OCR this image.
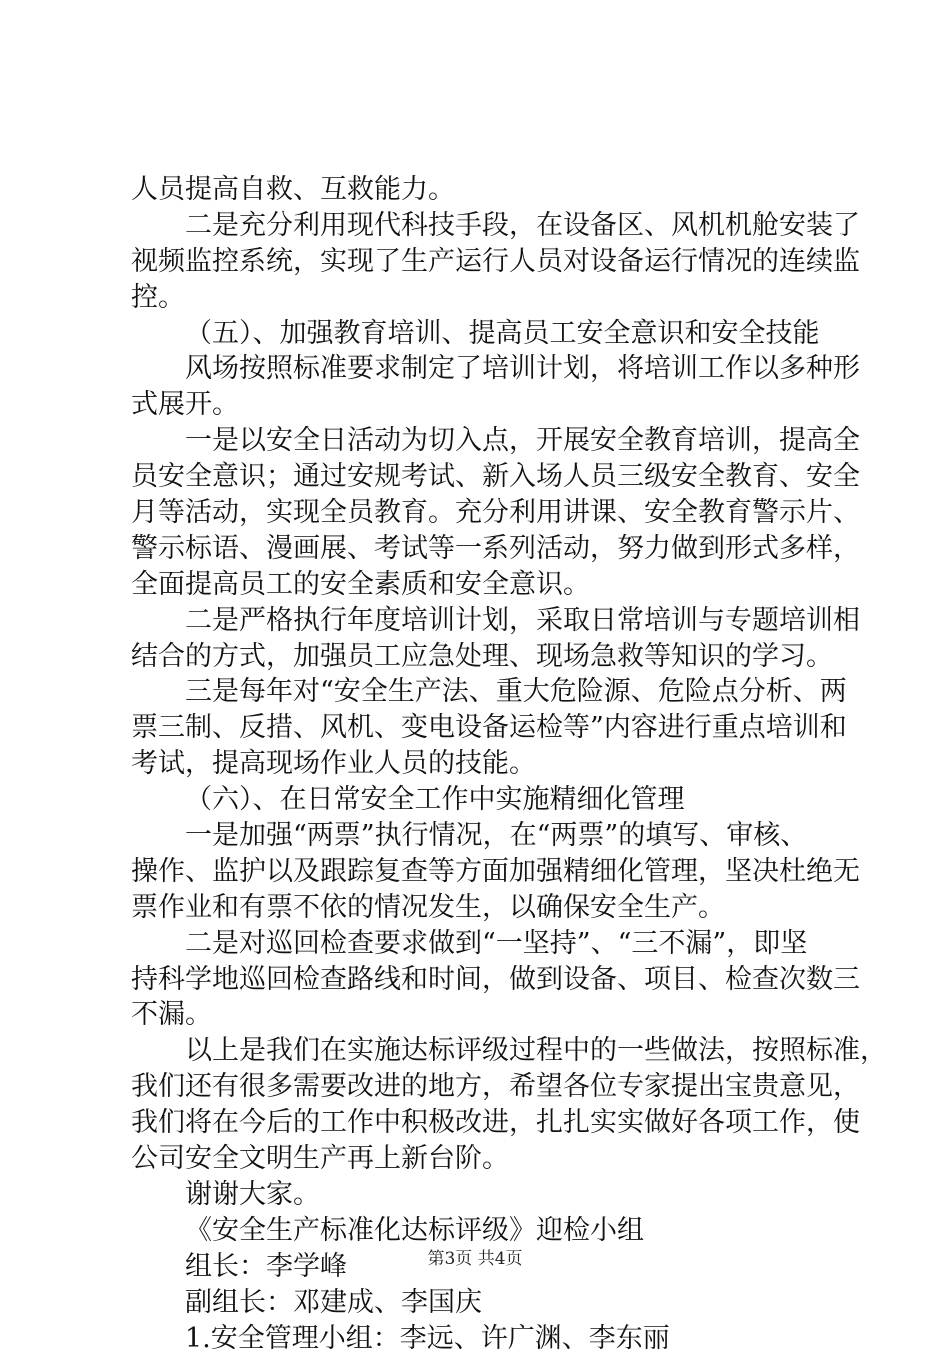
人员提高自救、互救能力。
二是充分利用现代科技手段，在设备区、风机机舱安装了
视频监控系统，实现了生产运行人员对设备运行情况的连续监
控。
（五）、加强教育培训、提高员工安全意识和安全技能
风场按照标准要求制定了培训计划，将培训工作以多种形
式展开。
一是以安全日活动为切入点，开展安全教育培训，提高全
员安全意识；通过安规考试、新入场人员三级安全教育、安全
月等活动，实现全员教育。充分利用讲课、安全教育警示片、
警示标语、漫画展、考试等一系列活动，努力做到形式多样，
全面提高员工的安全素质和安全意识。
二是严格执行年度培训计划，采取日常培训与专题培训相
结合的方式，加强员工应急处理、现场急救等知识的学习。
三是每年对“安全生产法、重大危险源、危险点分析、两
票三制、反措、风机、变电设备运检等”内容进行重点培训和
考试，提高现场作业人员的技能。
（六）、在日常安全工作中实施精细化管理
一是加强“两票”执行情况，在“两票”的填写、审核、
操作、监护以及跟踪复查等方面加强精细化管理，坚决杜绝无
票作业和有票不依的情况发生，以确保安全生产。
二是对巡回检查要求做到“一坚持”、“三不漏”，即坚
持科学地巡回检查路线和时间，做到设备、项目、检查次数三
不漏。
以上是我们在实施达标评级过程中的一些做法，按照标准，
我们还有很多需要改进的地方，希望各位专家提出宝贵意见，
我们将在今后的工作中积极改进，扎扎实实做好各项工作，使
公司安全文明生产再上新台阶。
谢谢大家。
《安全生产标准化达标评级》迎检小组
组长：李学峰
副组长：邓建成、李国庆
1.安全管理小组：李远、许广渊、李东丽
第3页 共4页
